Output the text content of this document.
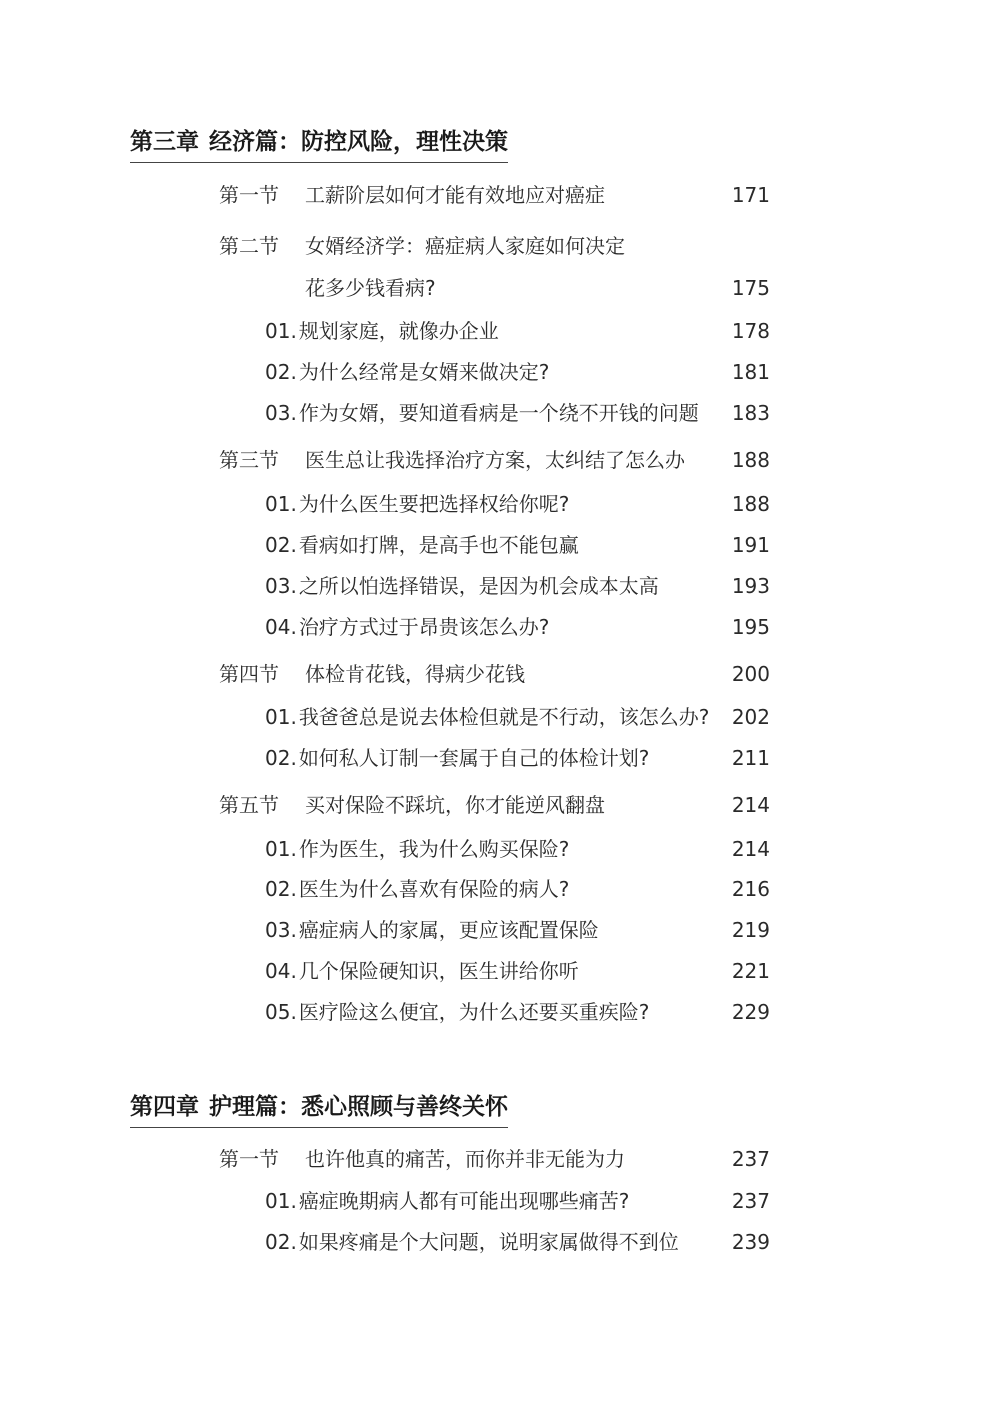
第三章 经济篇：防控风险，理性决策
第一节 工薪阶层如何才能有效地应对癌症	171
第二节 女婿经济学：癌症病人家庭如何决定
花多少钱看病?	175
01. 规划家庭，就像办企业	178
02. 为什么经常是女婿来做决定?	181
03. 作为女婿，要知道看病是一个绕不开钱的问题 183
第三节 医生总让我选择治疗方案，太纠结了怎么办 188
01. 为什么医生要把选择权给你呢?	188
02. 看病如打牌，是高手也不能包赢	191
03. 之所以怕选择错误，是因为机会成本太高	193
04. 治疗方式过于昂贵该怎么办?	195
第四节 体检肯花钱，得病少花钱	200
01. 我爸爸总是说去体检但就是不行动，该怎么办? 202
02. 如何私人订制一套属于自己的体检计划?	211
第五节 买对保险不踩坑，你才能逆风翻盘	214
01. 作为医生，我为什么购买保险?	214
02. 医生为什么喜欢有保险的病人?	216
03. 癌症病人的家属，更应该配置保险	219
04. 几个保险硬知识，医生讲给你听	221
05. 医疗险这么便宜，为什么还要买重疾险?	229
第四章 护理篇：悉心照顾与善终关怀
第一节 也许他真的痛苦，而你并非无能为力	237
01. 癌症晚期病人都有可能出现哪些痛苦?	237
02. 如果疼痛是个大问题，说明家属做得不到位	239
